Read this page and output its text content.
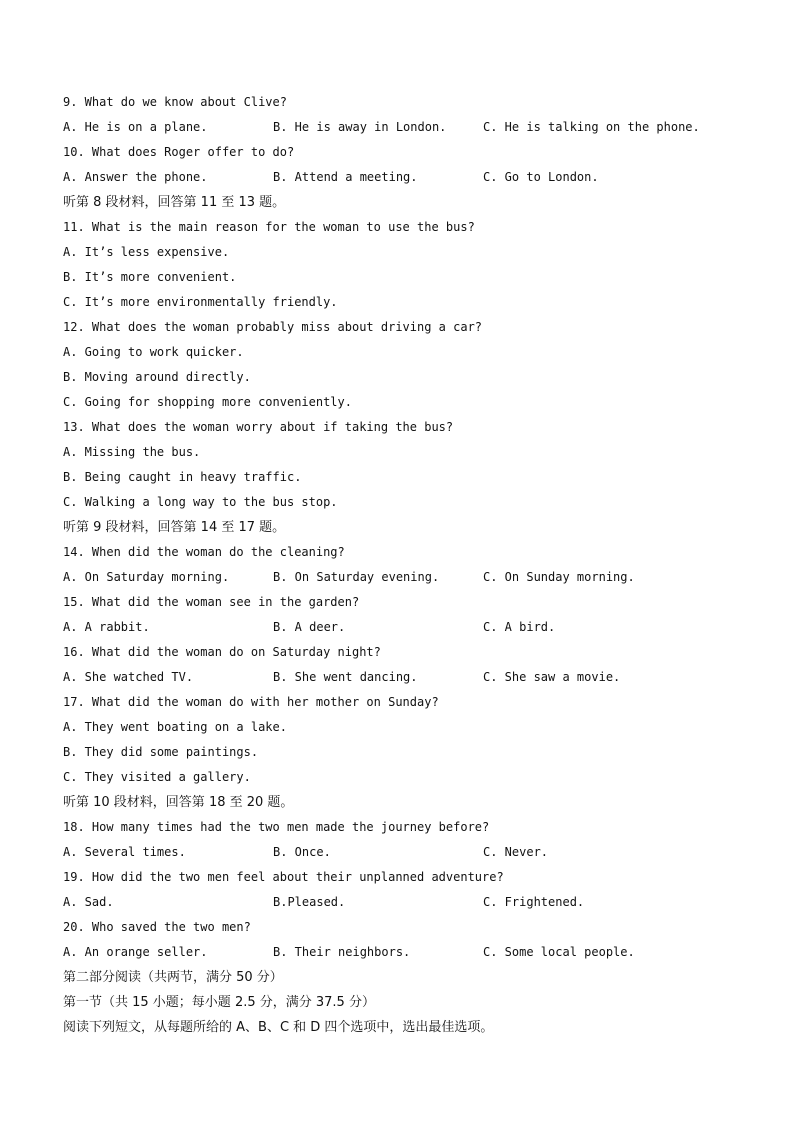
9. What do we know about Clive?
A. He is on a plane.	B. He is away in London.	C. He is talking on the phone.
10. What does Roger offer to do?
A. Answer the phone.	B. Attend a meeting.	C. Go to London.
听第 8 段材料，回答第 11 至 13 题。
11. What is the main reason for the woman to use the bus?
A. It’s less expensive.
B. It’s more convenient.
C. It’s more environmentally friendly.
12. What does the woman probably miss about driving a car?
A. Going to work quicker.
B. Moving around directly.
C. Going for shopping more conveniently.
13. What does the woman worry about if taking the bus?
A. Missing the bus.
B. Being caught in heavy traffic.
C. Walking a long way to the bus stop.
听第 9 段材料，回答第 14 至 17 题。
14. When did the woman do the cleaning?
A. On Saturday morning.	B. On Saturday evening.	C. On Sunday morning.
15. What did the woman see in the garden?
A. A rabbit.	B. A deer.	C. A bird.
16. What did the woman do on Saturday night?
A. She watched TV.	B. She went dancing.	C. She saw a movie.
17. What did the woman do with her mother on Sunday?
A. They went boating on a lake.
B. They did some paintings.
C. They visited a gallery.
听第 10 段材料，回答第 18 至 20 题。
18. How many times had the two men made the journey before?
A. Several times.	B. Once.	C. Never.
19. How did the two men feel about their unplanned adventure?
A. Sad.	B.Pleased.	C. Frightened.
20. Who saved the two men?
A. An orange seller.	B. Their neighbors.	C. Some local people.
第二部分阅读（共两节，满分 50 分）
第一节（共 15 小题；每小题 2.5 分，满分 37.5 分）
阅读下列短文，从每题所给的 A、B、C 和 D 四个选项中，选出最佳选项。
